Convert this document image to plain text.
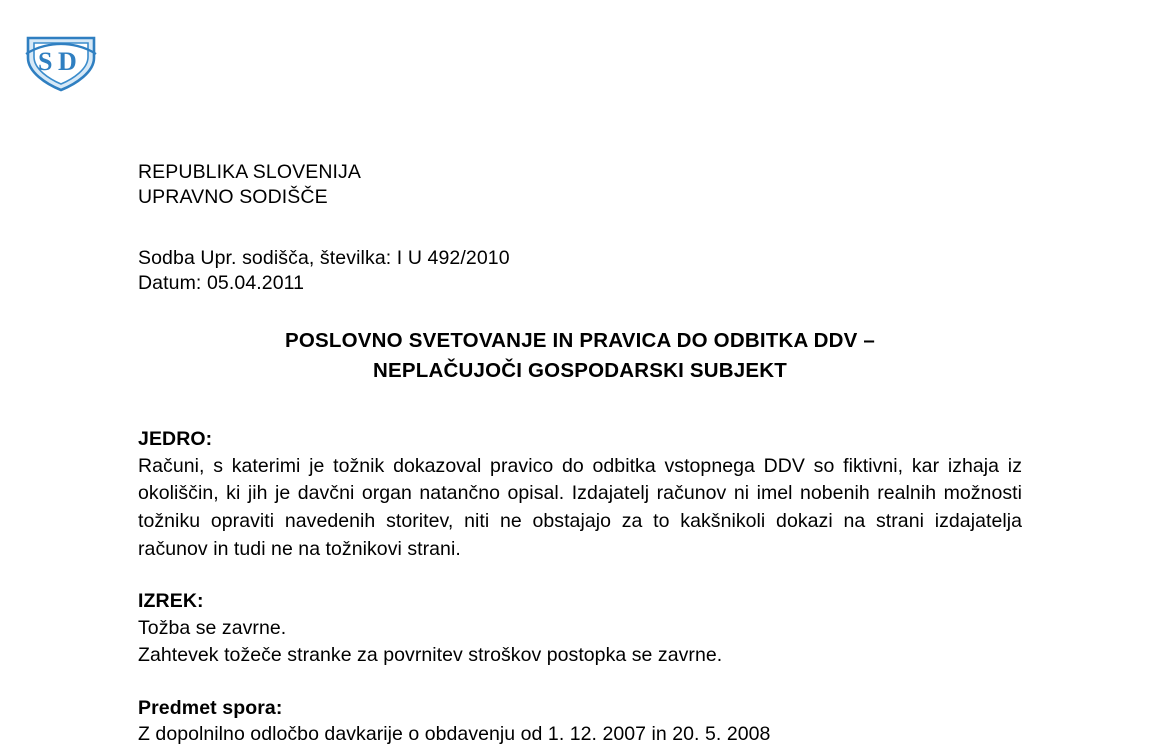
S D
REPUBLIKA SLOVENIJA
UPRAVNO SODIŠČE
Sodba Upr. sodišča, številka: I U 492/2010
Datum: 05.04.2011
POSLOVNO SVETOVANJE IN PRAVICA DO ODBITKA DDV –
NEPLAČUJOČI GOSPODARSKI SUBJEKT
JEDRO:
Računi, s katerimi je tožnik dokazoval pravico do odbitka vstopnega DDV so fiktivni, kar izhaja iz okoliščin, ki jih je davčni organ natančno opisal. Izdajatelj računov ni imel nobenih realnih možnosti tožniku opraviti navedenih storitev, niti ne obstajajo za to kakšnikoli dokazi na strani izdajatelja računov in tudi ne na tožnikovi strani.
IZREK:
Tožba se zavrne.
Zahtevek tožeče stranke za povrnitev stroškov postopka se zavrne.
Predmet spora:
Z dopolnilno odločbo davkarije o obdavenju od 1. 12. 2007 in 20. 5. 2008
